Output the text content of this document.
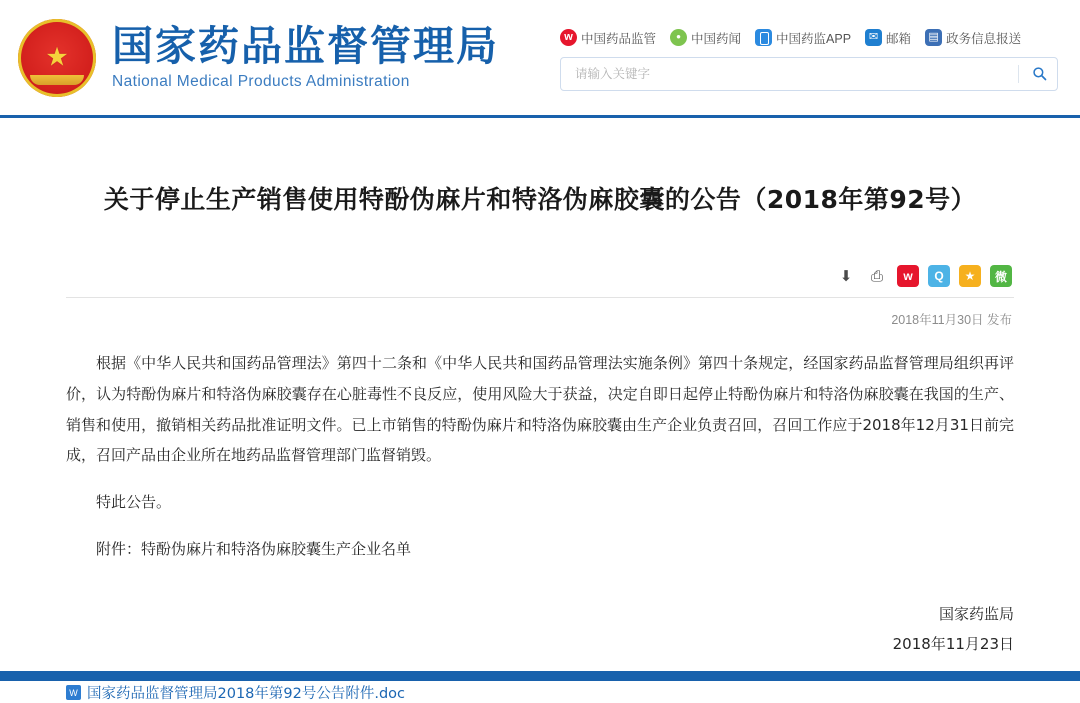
★
国家药品监督管理局
National Medical Products Administration
w
中国药品监管 •	中国药闻	中国药监APP ✉	邮箱 ▤	政务信息报送
请输入关键字
关于停止生产销售使用特酚伪麻片和特洛伪麻胶囊的公告（2018年第92号）
⬇	⎙	w	Q	★	微
2018年11月30日 发布

根据《中华人民共和国药品管理法》第四十二条和《中华人民共和国药品管理法实施条例》第四十条规定，经国家药品监督管理局组织再评价，认为特酚伪麻片和特洛伪麻胶囊存在心脏毒性不良反应，使用风险大于获益，决定自即日起停止特酚伪麻片和特洛伪麻胶囊在我国的生产、销售和使用，撤销相关药品批准证明文件。已上市销售的特酚伪麻片和特洛伪麻胶囊由生产企业负责召回，召回工作应于2018年12月31日前完成，召回产品由企业所在地药品监督管理部门监督销毁。

特此公告。

附件：特酚伪麻片和特洛伪麻胶囊生产企业名单

国家药监局
2018年11月23日
W 国家药品监督管理局2018年第92号公告附件.doc
